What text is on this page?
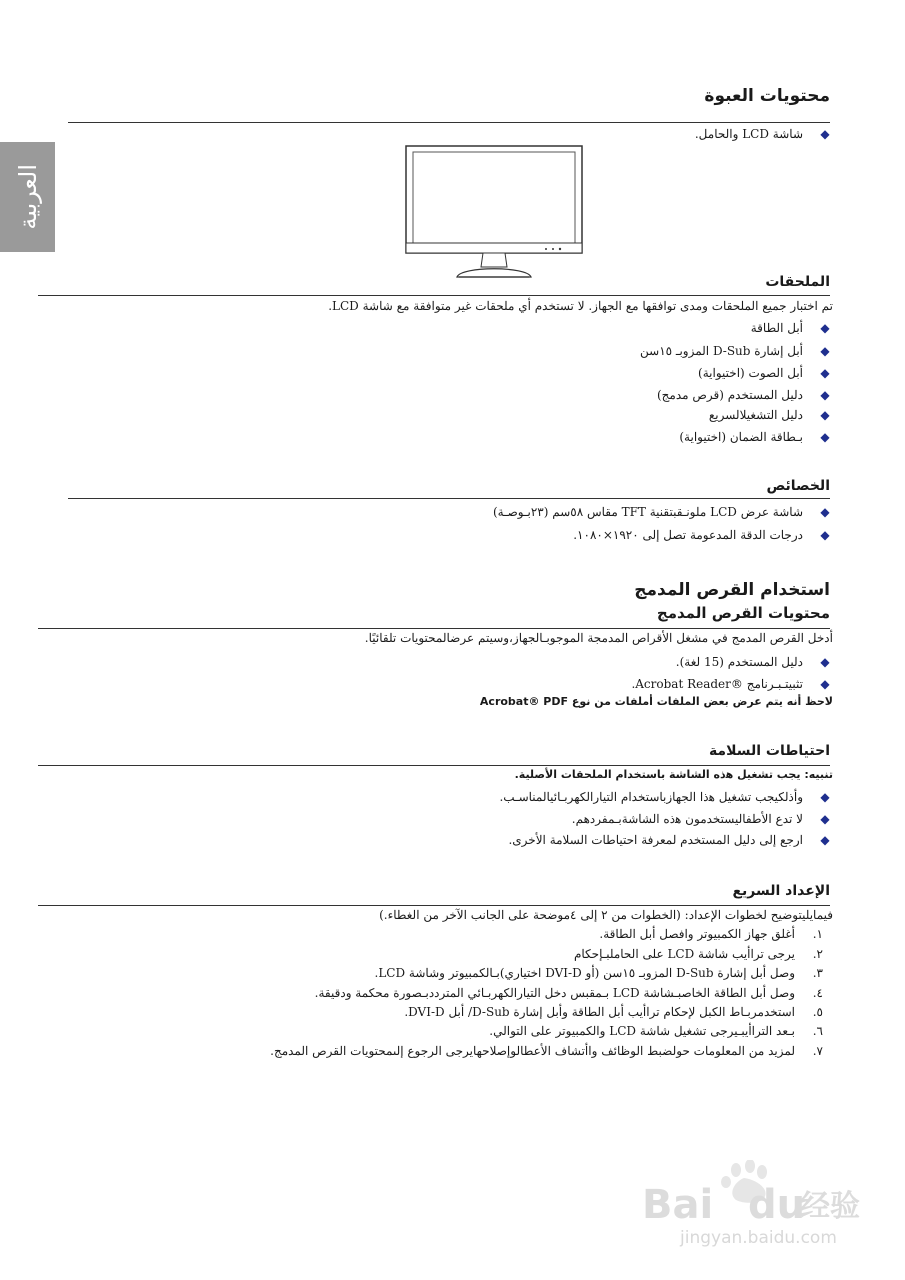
العربية
محتويات العبوة
◆
شاشة LCD والحامل.
الملحقات
تم اختبار جميع الملحقات ومدى توافقها مع الجهاز. لا تستخدم أي ملحقات غير متوافقة مع شاشة LCD.
◆
أبل الطاقة
◆
أبل إشارة D-Sub المزوبـ ١٥سن
◆
أبل الصوت (اختيواية)
◆
دليل المستخدم (قرص مدمج)
◆
دليل التشغيلالسريع
◆
بـطاقة الضمان (اختيواية)
الخصائص
◆
شاشة عرض LCD ملونـقبتقنية TFT مقاس ٥٨سم (٢٣بـوصـة)
◆
درجات الدقة المدعومة تصل إلى ١٩٢٠×١٠٨٠.
استخدام القرص المدمج
محتويات القرص المدمج
أدخل القرص المدمج في مشغل الأقراص المدمجة الموجوبـالجهاز،وسيتم عرضالمحتويات تلقائيًا.
◆
دليل المستخدم (15 لغة).
◆
تثبيتـبـرنامج ®Acrobat Reader.
لاحظ أنه يتم عرض بعض الملفات أملفات من نوع Acrobat® PDF
احتياطات السلامة
تنبيه: يجب تشغيل ﮬذه الشاشة باستخدام الملحقات الأصلية.
◆
وأذلكيجب تشغيل ﮬذا الجهازباستخدام التيارالكهربـائيالمناسـب.
◆
لا تدع الأطفاليستخدمون ﮬذه الشاشةبـمفردهم.
◆
ارجع إلى دليل المستخدم لمعرفة احتياطات السلامة الأخرى.
الإعداد السريع
فيمايليتوضيح لخطوات الإعداد: (الخطوات من ٢ إلى ٤موضحة على الجانب الآخر من الغطاء.)
١.
أغلق جهاز الكمبيوتر وافصل أبل الطاقة.
٢.
يرجى تراأيب شاشة LCD على الحاملبـإحكام
٣.
وصل أبل إشارة D-Sub المزوبـ ١٥سن (أو DVI-D اختياري)بـالكمبيوتر وشاشة LCD.
٤.
وصل أبل الطاقة الخاصبـشاشة LCD بـمقبس دخل التيارالكهربـائي المترددبـصورة محكمة ودقيقة.
٥.
استخدمربـاط الكبل لإحكام تراأيب أبل الطاقة وأبل إشارة D-Sub/ أبل DVI-D.
٦.
بـعد التراأيبـيرجى تشغيل شاشة LCD والكمبيوتر على التوالي.
٧.
لمزيد من المعلومات حولضبط الوظائف واأتشاف الأعطالوإصلاحهايرجى الرجوع إلىمحتويات القرص المدمج.
Bai du
经验
jingyan.baidu.com
